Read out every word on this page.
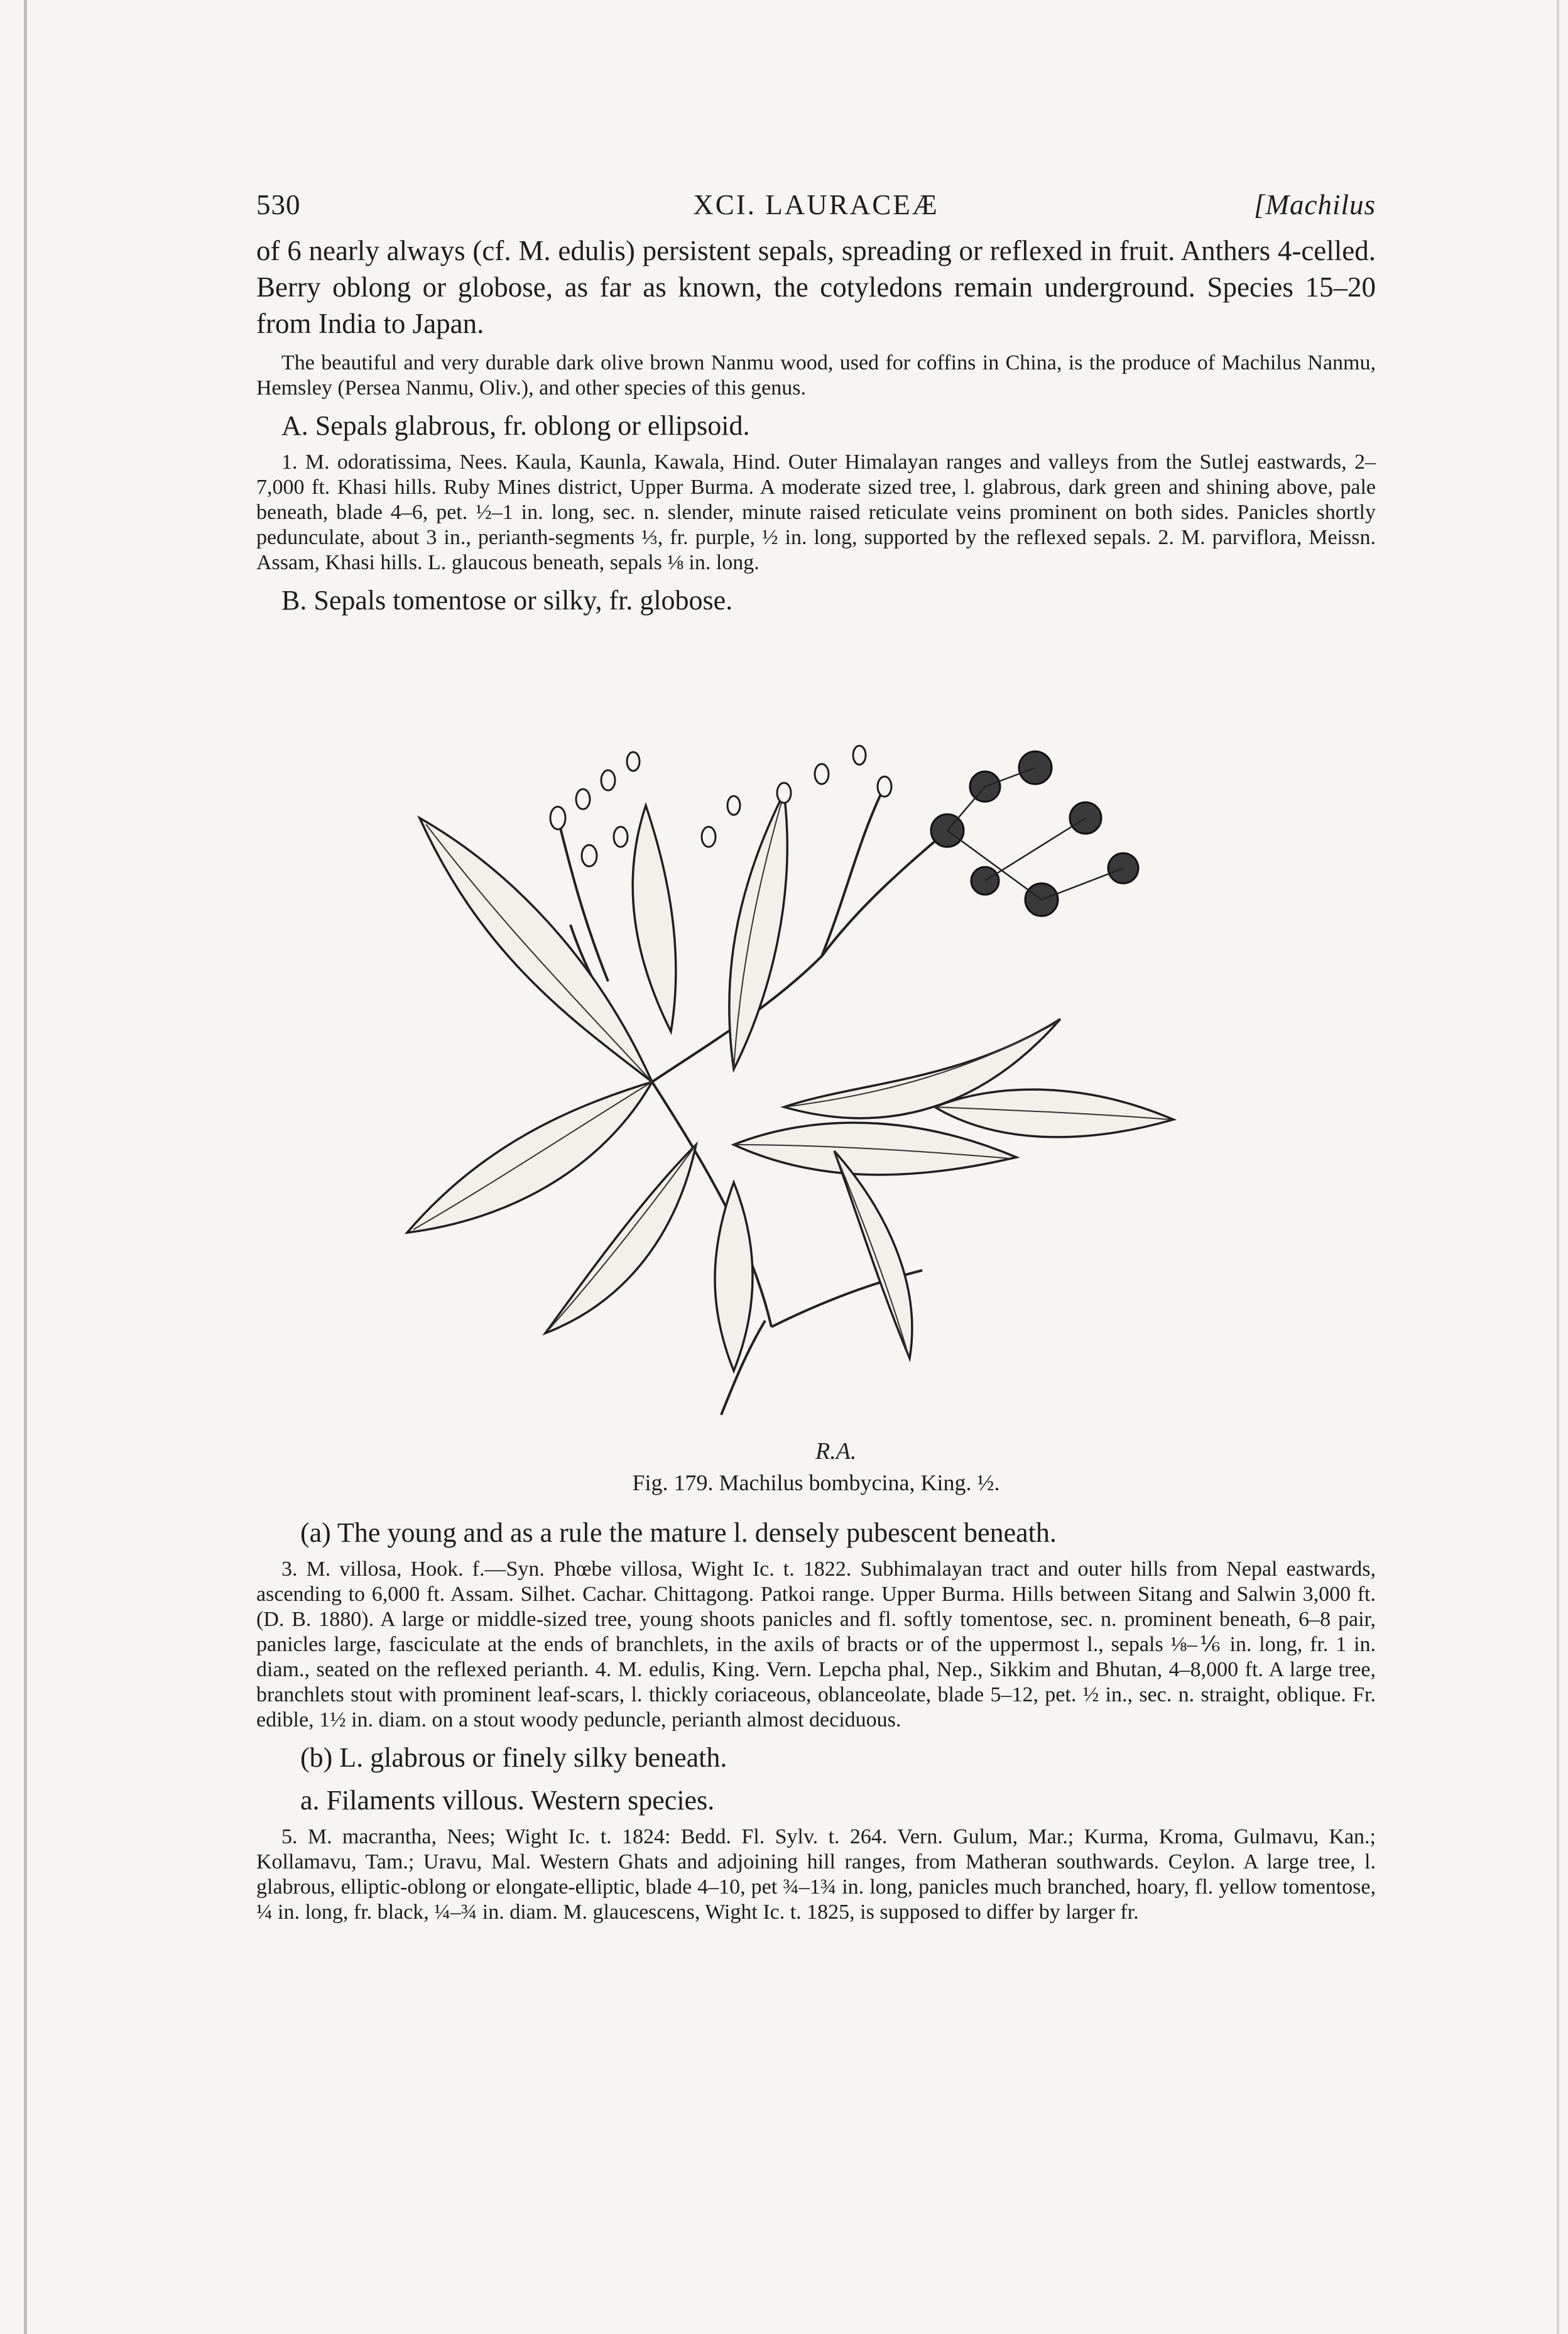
530	XCI. LAURACEÆ	[Machilus

of 6 nearly always (cf. M. edulis) persistent sepals, spreading or reflexed in fruit. Anthers 4-celled. Berry oblong or globose, as far as known, the cotyledons remain underground. Species 15–20 from India to Japan.

The beautiful and very durable dark olive brown Nanmu wood, used for coffins in China, is the produce of Machilus Nanmu, Hemsley (Persea Nanmu, Oliv.), and other species of this genus.

A. Sepals glabrous, fr. oblong or ellipsoid.

1. M. odoratissima, Nees. Kaula, Kaunla, Kawala, Hind. Outer Himalayan ranges and valleys from the Sutlej eastwards, 2–7,000 ft. Khasi hills. Ruby Mines district, Upper Burma. A moderate sized tree, l. glabrous, dark green and shining above, pale beneath, blade 4–6, pet. ½–1 in. long, sec. n. slender, minute raised reticulate veins prominent on both sides. Panicles shortly pedunculate, about 3 in., perianth-segments ⅓, fr. purple, ½ in. long, supported by the reflexed sepals. 2. M. parviflora, Meissn. Assam, Khasi hills. L. glaucous beneath, sepals ⅛ in. long.

B. Sepals tomentose or silky, fr. globose.
R.A.
Fig. 179. Machilus bombycina, King. ½.
(a) The young and as a rule the mature l. densely pubescent beneath.

3. M. villosa, Hook. f.—Syn. Phœbe villosa, Wight Ic. t. 1822. Subhimalayan tract and outer hills from Nepal eastwards, ascending to 6,000 ft. Assam. Silhet. Cachar. Chittagong. Patkoi range. Upper Burma. Hills between Sitang and Salwin 3,000 ft. (D. B. 1880). A large or middle-sized tree, young shoots panicles and fl. softly tomentose, sec. n. prominent beneath, 6–8 pair, panicles large, fasciculate at the ends of branchlets, in the axils of bracts or of the uppermost l., sepals ⅛–⅙ in. long, fr. 1 in. diam., seated on the reflexed perianth. 4. M. edulis, King. Vern. Lepcha phal, Nep., Sikkim and Bhutan, 4–8,000 ft. A large tree, branchlets stout with prominent leaf-scars, l. thickly coriaceous, oblanceolate, blade 5–12, pet. ½ in., sec. n. straight, oblique. Fr. edible, 1½ in. diam. on a stout woody peduncle, perianth almost deciduous.

(b) L. glabrous or finely silky beneath.
a. Filaments villous. Western species.

5. M. macrantha, Nees; Wight Ic. t. 1824: Bedd. Fl. Sylv. t. 264. Vern. Gulum, Mar.; Kurma, Kroma, Gulmavu, Kan.; Kollamavu, Tam.; Uravu, Mal. Western Ghats and adjoining hill ranges, from Matheran southwards. Ceylon. A large tree, l. glabrous, elliptic-oblong or elongate-elliptic, blade 4–10, pet ¾–1¾ in. long, panicles much branched, hoary, fl. yellow tomentose, ¼ in. long, fr. black, ¼–¾ in. diam. M. glaucescens, Wight Ic. t. 1825, is supposed to differ by larger fr.
